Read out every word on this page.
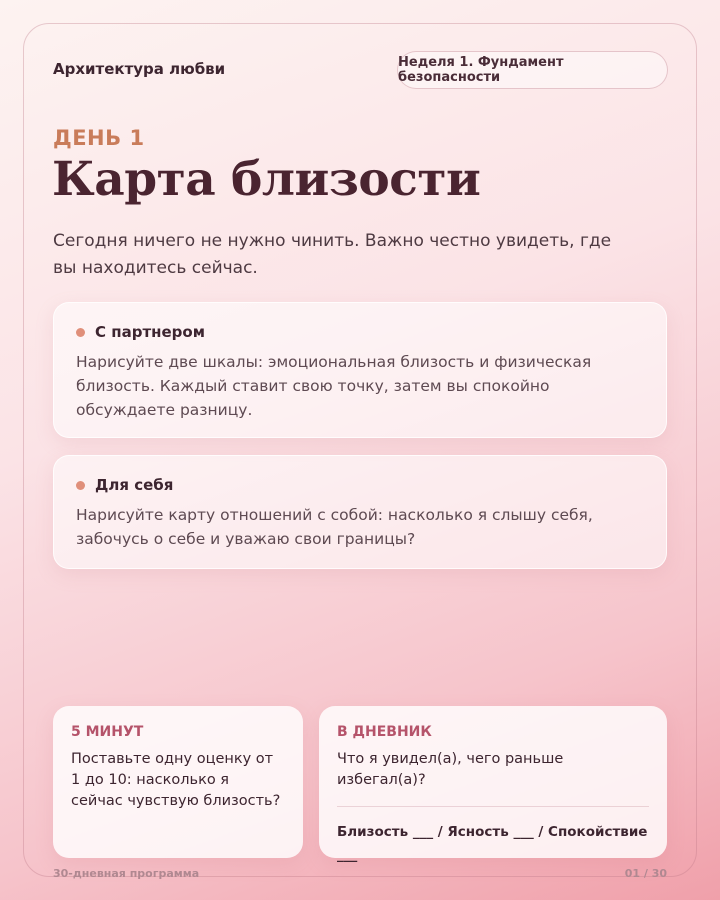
Архитектура любви	Неделя 1. Фундамент безопасности
ДЕНЬ 1
Карта близости

Сегодня ничего не нужно чинить. Важно честно увидеть, где вы находитесь сейчас.

С партнером

Нарисуйте две шкалы: эмоциональная близость и физическая близость. Каждый ставит свою точку, затем вы спокойно обсуждаете разницу.

Для себя

Нарисуйте карту отношений с собой: насколько я слышу себя, забочусь о себе и уважаю свои границы?

5 МИНУТ

Поставьте одну оценку от 1 до 10: насколько я сейчас чувствую близость?

В ДНЕВНИК

Что я увидел(а), чего раньше избегал(а)?

Близость ___ / Ясность ___ / Спокойствие ___

30-дневная программа	01 / 30
